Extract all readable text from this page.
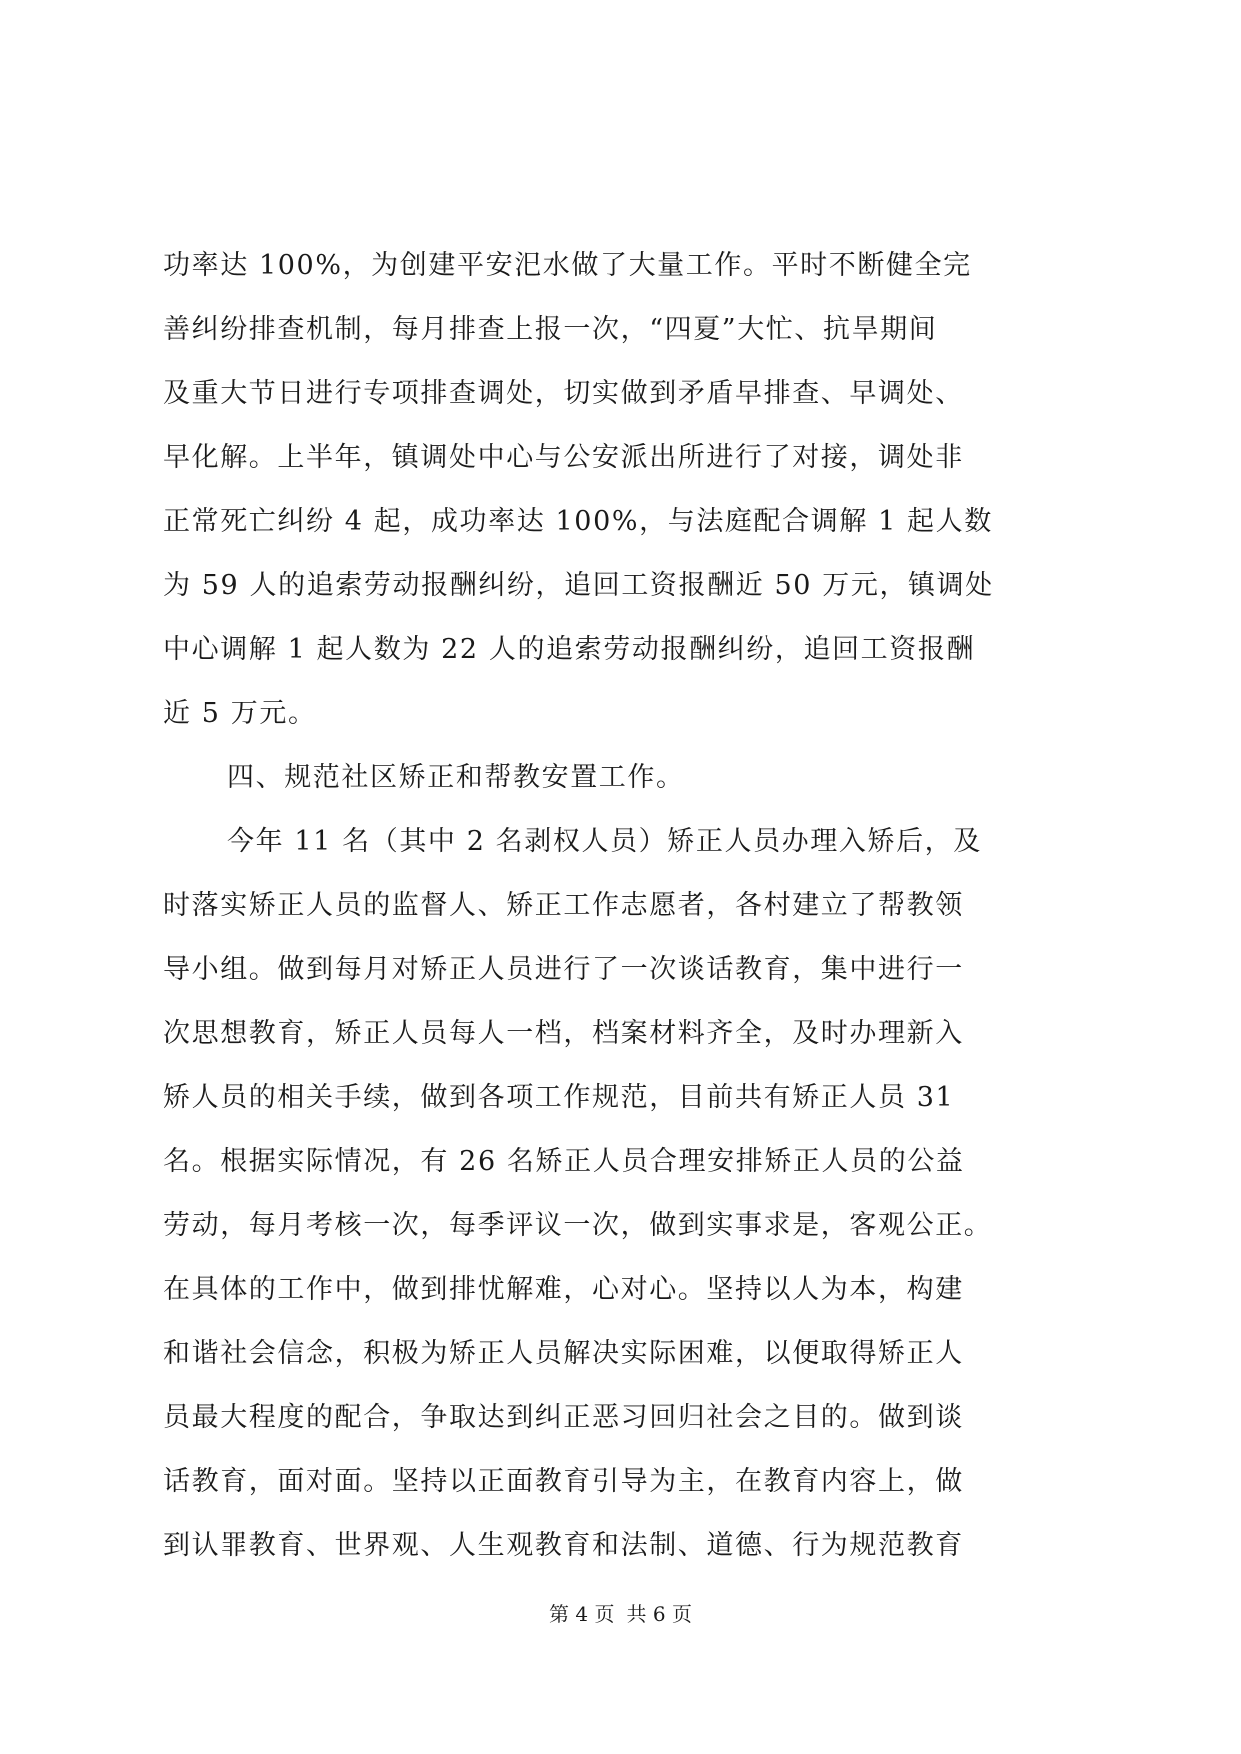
功率达 100%，为创建平安汜水做了大量工作。平时不断健全完
善纠纷排查机制，每月排查上报一次，“四夏”大忙、抗旱期间
及重大节日进行专项排查调处，切实做到矛盾早排查、早调处、
早化解。上半年，镇调处中心与公安派出所进行了对接，调处非
正常死亡纠纷 4 起，成功率达 100%，与法庭配合调解 1 起人数
为 59 人的追索劳动报酬纠纷，追回工资报酬近 50 万元，镇调处
中心调解 1 起人数为 22 人的追索劳动报酬纠纷，追回工资报酬
近 5 万元。
四、规范社区矫正和帮教安置工作。
今年 11 名（其中 2 名剥权人员）矫正人员办理入矫后，及
时落实矫正人员的监督人、矫正工作志愿者，各村建立了帮教领
导小组。做到每月对矫正人员进行了一次谈话教育，集中进行一
次思想教育，矫正人员每人一档，档案材料齐全，及时办理新入
矫人员的相关手续，做到各项工作规范，目前共有矫正人员 31
名。根据实际情况，有 26 名矫正人员合理安排矫正人员的公益
劳动，每月考核一次，每季评议一次，做到实事求是，客观公正。
在具体的工作中，做到排忧解难，心对心。坚持以人为本，构建
和谐社会信念，积极为矫正人员解决实际困难，以便取得矫正人
员最大程度的配合，争取达到纠正恶习回归社会之目的。做到谈
话教育，面对面。坚持以正面教育引导为主，在教育内容上，做
到认罪教育、世界观、人生观教育和法制、道德、行为规范教育
第 4 页 共 6 页
